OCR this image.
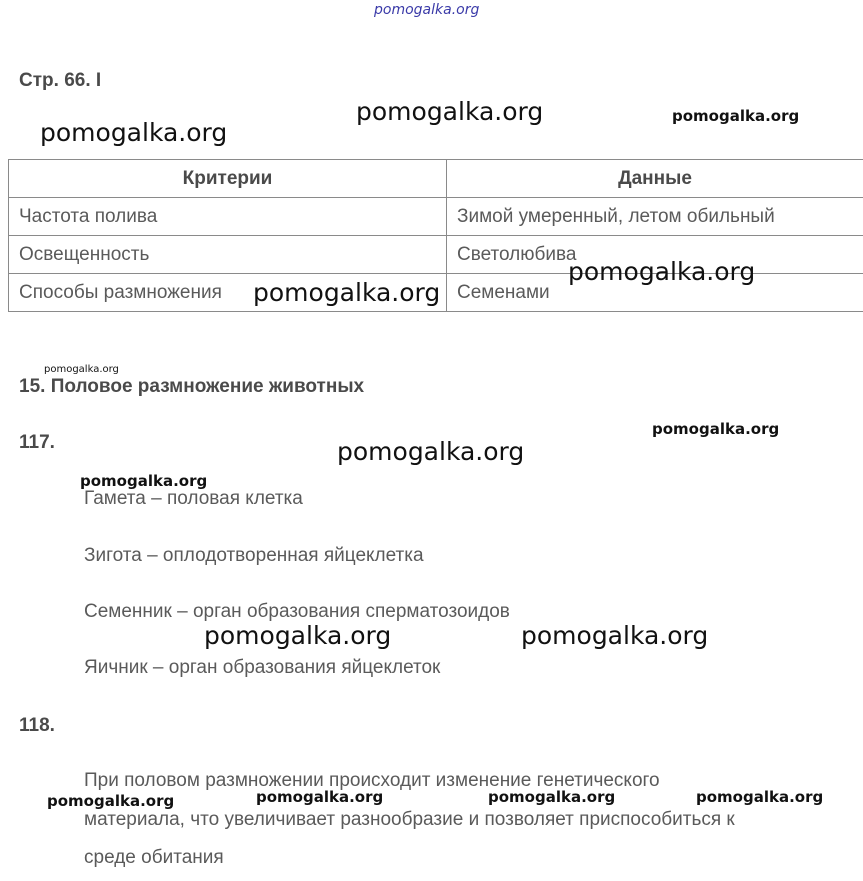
pomogalka.org
Стр. 66. I
Критерии	Данные
Частота полива	Зимой умеренный, летом обильный
Освещенность	Светолюбива
Способы размножения	Семенами
15. Половое размножение животных
117.
Гамета – половая клетка
Зигота – оплодотворенная яйцеклетка
Семенник – орган образования сперматозоидов
Яичник – орган образования яйцеклеток
118.
При половом размножении происходит изменение генетического
материала, что увеличивает разнообразие и позволяет приспособиться к
среде обитания
pomogalka.org	pomogalka.org
pomogalka.org
pomogalka.org
pomogalka.org
pomogalka.org
pomogalka.org
pomogalka.org
pomogalka.org
pomogalka.org	pomogalka.org
pomogalka.org	pomogalka.org	pomogalka.org
pomogalka.org
